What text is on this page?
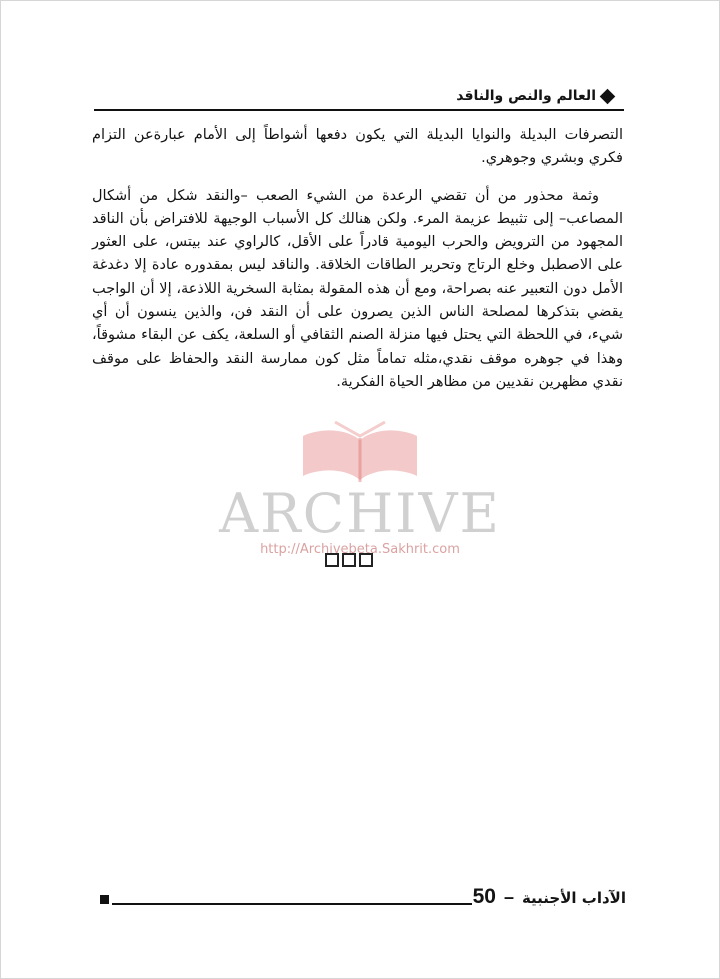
العالم والنص والناقد

التصرفات البديلة والنوايا البديلة التي يكون دفعها أشواطاً إلى الأمام عبارةعن التزام فكري وبشري وجوهري.

وثمة محذور من أن تقضي الرعدة من الشيء الصعب –والنقد شكل من أشكال المصاعب– إلى تثبيط عزيمة المرء. ولكن هنالك كل الأسباب الوجيهة للافتراض بأن الناقد المجهود من الترويض والحرب اليومية قادراً على الأقل، كالراوي عند بيتس، على العثور على الاصطبل وخلع الرتاج وتحرير الطاقات الخلاقة. والناقد ليس بمقدوره عادة إلا دغدغة الأمل دون التعبير عنه بصراحة، ومع أن هذه المقولة بمثابة السخرية اللاذعة، إلا أن الواجب يقضي بتذكرها لمصلحة الناس الذين يصرون على أن النقد فن، والذين ينسون أن أي شيء، في اللحظة التي يحتل فيها منزلة الصنم الثقافي أو السلعة، يكف عن البقاء مشوقاً، وهذا في جوهره موقف نقدي،مثله تماماً مثل كون ممارسة النقد والحفاظ على موقف نقدي مظهرين نقديين من مظاهر الحياة الفكرية.

ARCHIVE
http://Archivebeta.Sakhrit.com
الآداب الأجنبية
–
50
